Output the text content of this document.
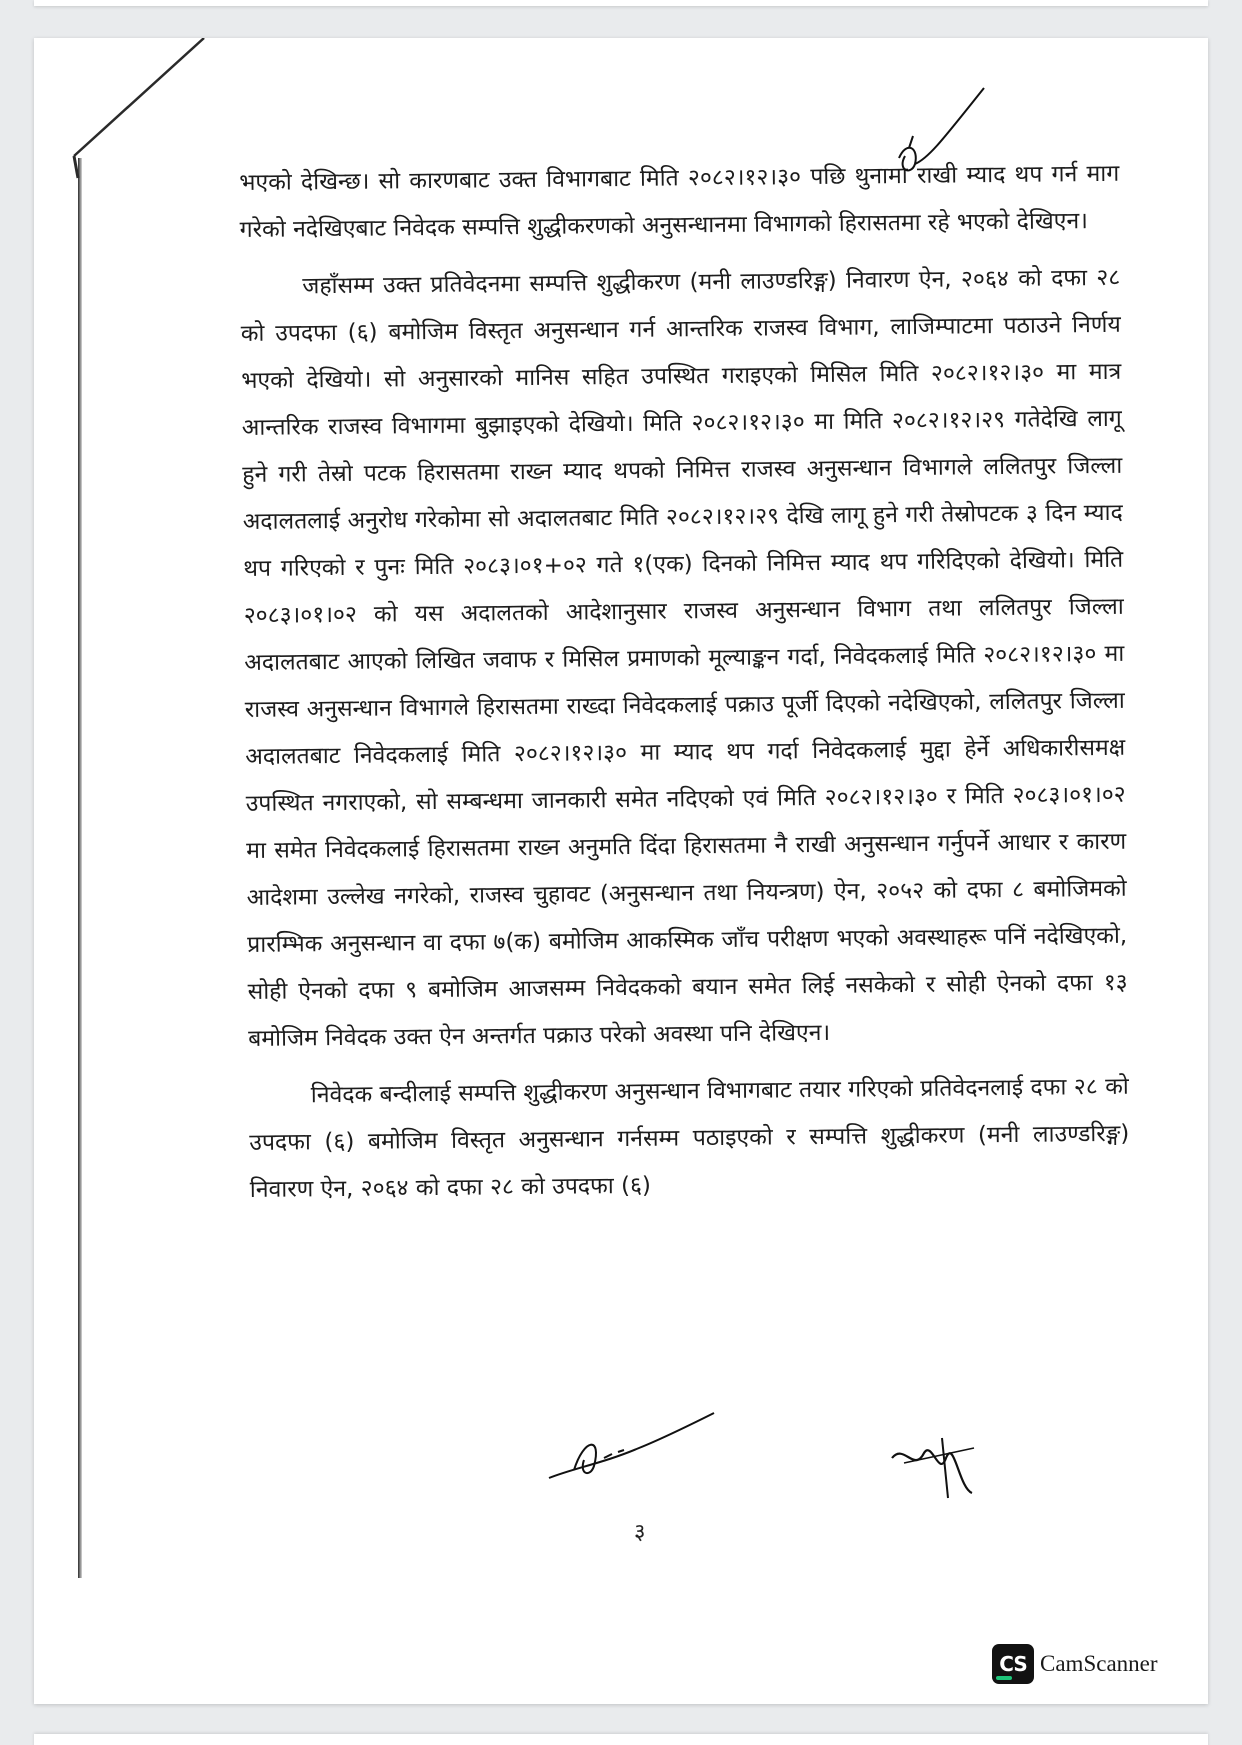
भएको देखिन्छ। सो कारणबाट उक्त विभागबाट मिति २०८२।१२।३० पछि थुनामा राखी म्याद थप गर्न माग गरेको नदेखिएबाट निवेदक सम्पत्ति शुद्धीकरणको अनुसन्धानमा विभागको हिरासतमा रहे भएको देखिएन।

जहाँसम्म उक्त प्रतिवेदनमा सम्पत्ति शुद्धीकरण (मनी लाउण्डरिङ्ग) निवारण ऐन, २०६४ को दफा २८ को उपदफा (६) बमोजिम विस्तृत अनुसन्धान गर्न आन्तरिक राजस्व विभाग, लाजिम्पाटमा पठाउने निर्णय भएको देखियो। सो अनुसारको मानिस सहित उपस्थित गराइएको मिसिल मिति २०८२।१२।३० मा मात्र आन्तरिक राजस्व विभागमा बुझाइएको देखियो। मिति २०८२।१२।३० मा मिति २०८२।१२।२९ गतेदेखि लागू हुने गरी तेस्रो पटक हिरासतमा राख्न म्याद थपको निमित्त राजस्व अनुसन्धान विभागले ललितपुर जिल्ला अदालतलाई अनुरोध गरेकोमा सो अदालतबाट मिति २०८२।१२।२९ देखि लागू हुने गरी तेस्रोपटक ३ दिन म्याद थप गरिएको र पुनः मिति २०८३।०१+०२ गते १(एक) दिनको निमित्त म्याद थप गरिदिएको देखियो। मिति २०८३।०१।०२ को यस अदालतको आदेशानुसार राजस्व अनुसन्धान विभाग तथा ललितपुर जिल्ला अदालतबाट आएको लिखित जवाफ र मिसिल प्रमाणको मूल्याङ्कन गर्दा, निवेदकलाई मिति २०८२।१२।३० मा राजस्व अनुसन्धान विभागले हिरासतमा राख्दा निवेदकलाई पक्राउ पूर्जी दिएको नदेखिएको, ललितपुर जिल्ला अदालतबाट निवेदकलाई मिति २०८२।१२।३० मा म्याद थप गर्दा निवेदकलाई मुद्दा हेर्ने अधिकारीसमक्ष उपस्थित नगराएको, सो सम्बन्धमा जानकारी समेत नदिएको एवं मिति २०८२।१२।३० र मिति २०८३।०१।०२ मा समेत निवेदकलाई हिरासतमा राख्न अनुमति दिंदा हिरासतमा नै राखी अनुसन्धान गर्नुपर्ने आधार र कारण आदेशमा उल्लेख नगरेको, राजस्व चुहावट (अनुसन्धान तथा नियन्त्रण) ऐन, २०५२ को दफा ८ बमोजिमको प्रारम्भिक अनुसन्धान वा दफा ७(क) बमोजिम आकस्मिक जाँच परीक्षण भएको अवस्थाहरू पनिं नदेखिएको, सोही ऐनको दफा ९ बमोजिम आजसम्म निवेदकको बयान समेत लिई नसकेको र सोही ऐनको दफा १३ बमोजिम निवेदक उक्त ऐन अन्तर्गत पक्राउ परेको अवस्था पनि देखिएन।

निवेदक बन्दीलाई सम्पत्ति शुद्धीकरण अनुसन्धान विभागबाट तयार गरिएको प्रतिवेदनलाई दफा २८ को उपदफा (६) बमोजिम विस्तृत अनुसन्धान गर्नसम्म पठाइएको र सम्पत्ति शुद्धीकरण (मनी लाउण्डरिङ्ग) निवारण ऐन, २०६४ को दफा २८ को उपदफा (६)

३
CS CamScanner
